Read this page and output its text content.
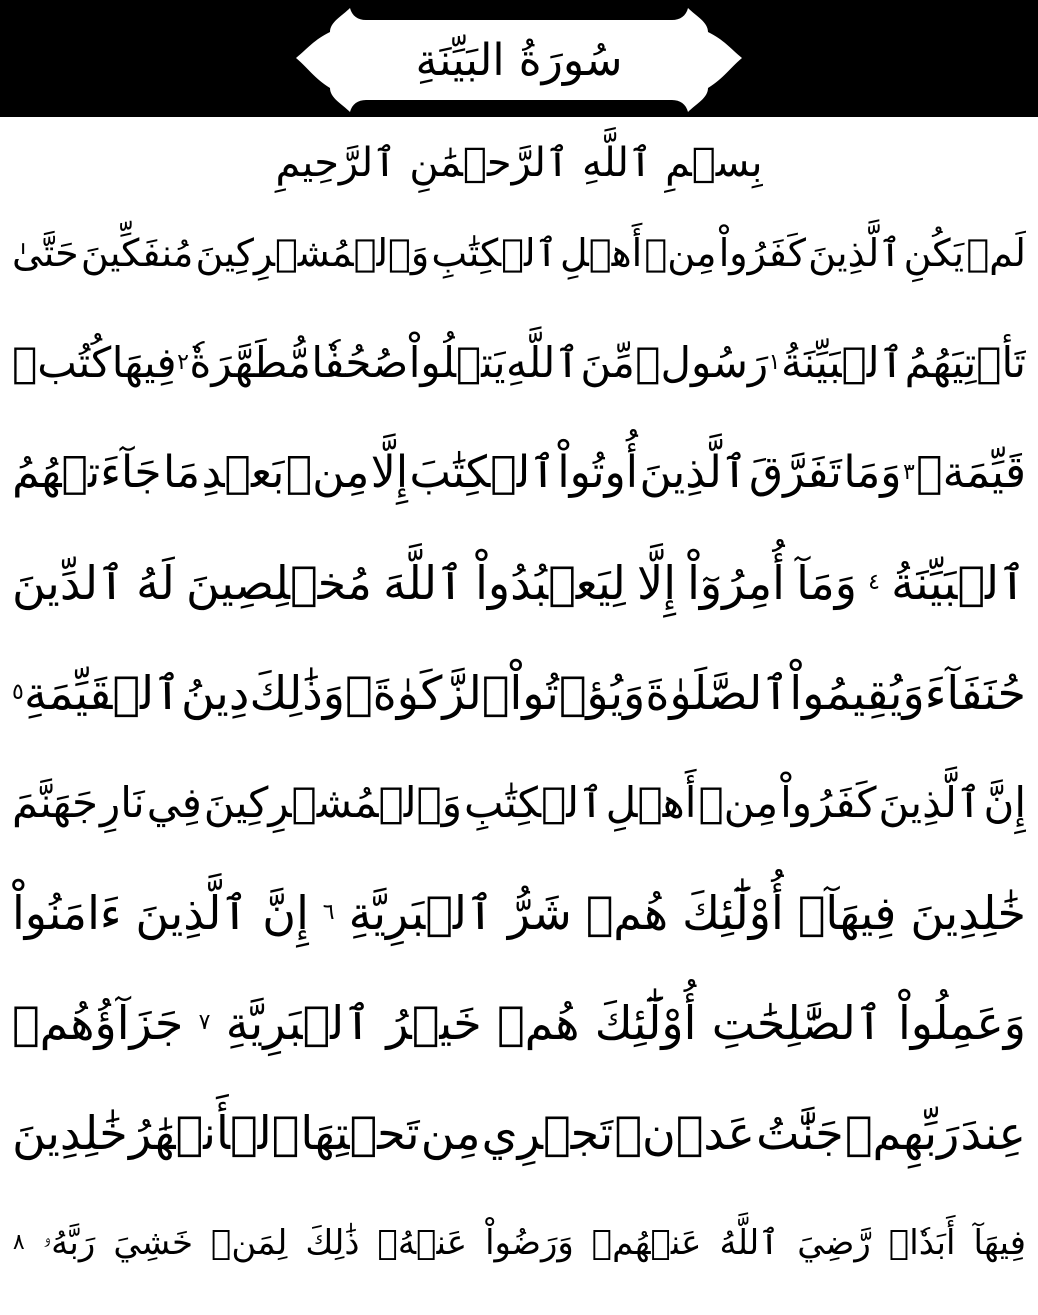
سُورَةُ البَيِّنَةِ
بِسۡمِ ٱللَّهِ ٱلرَّحۡمَٰنِ ٱلرَّحِيمِ
لَمۡ
يَكُنِ
ٱلَّذِينَ
كَفَرُواْ
مِنۡ
أَهۡلِ
ٱلۡكِتَٰبِ
وَٱلۡمُشۡرِكِينَ
مُنفَكِّينَ
حَتَّىٰ
تَأۡتِيَهُمُ
ٱلۡبَيِّنَةُ
١
رَسُولٞ
مِّنَ
ٱللَّهِ
يَتۡلُواْ
صُحُفٗا
مُّطَهَّرَةٗ
٢
فِيهَا
كُتُبٞ
قَيِّمَةٞ
٣
وَمَا
تَفَرَّقَ
ٱلَّذِينَ
أُوتُواْ
ٱلۡكِتَٰبَ
إِلَّا
مِنۢ
بَعۡدِ
مَا
جَآءَتۡهُمُ
ٱلۡبَيِّنَةُ
٤
وَمَآ
أُمِرُوٓاْ
إِلَّا
لِيَعۡبُدُواْ
ٱللَّهَ
مُخۡلِصِينَ
لَهُ
ٱلدِّينَ
حُنَفَآءَ
وَيُقِيمُواْ
ٱلصَّلَوٰةَ
وَيُؤۡتُواْ
ٱلزَّكَوٰةَۚ
وَذَٰلِكَ
دِينُ
ٱلۡقَيِّمَةِ
٥
إِنَّ
ٱلَّذِينَ
كَفَرُواْ
مِنۡ
أَهۡلِ
ٱلۡكِتَٰبِ
وَٱلۡمُشۡرِكِينَ
فِي
نَارِ
جَهَنَّمَ
خَٰلِدِينَ
فِيهَآۚ
أُوْلَٰٓئِكَ
هُمۡ
شَرُّ
ٱلۡبَرِيَّةِ
٦
إِنَّ
ٱلَّذِينَ
ءَامَنُواْ
وَعَمِلُواْ
ٱلصَّٰلِحَٰتِ
أُوْلَٰٓئِكَ
هُمۡ
خَيۡرُ
ٱلۡبَرِيَّةِ
٧
جَزَآؤُهُمۡ
عِندَ
رَبِّهِمۡ
جَنَّٰتُ
عَدۡنٖ
تَجۡرِي
مِن
تَحۡتِهَا
ٱلۡأَنۡهَٰرُ
خَٰلِدِينَ
فِيهَآ
أَبَدٗاۖ
رَّضِيَ
ٱللَّهُ
عَنۡهُمۡ
وَرَضُواْ
عَنۡهُۚ
ذَٰلِكَ
لِمَنۡ
خَشِيَ
رَبَّهُۥ
٨
